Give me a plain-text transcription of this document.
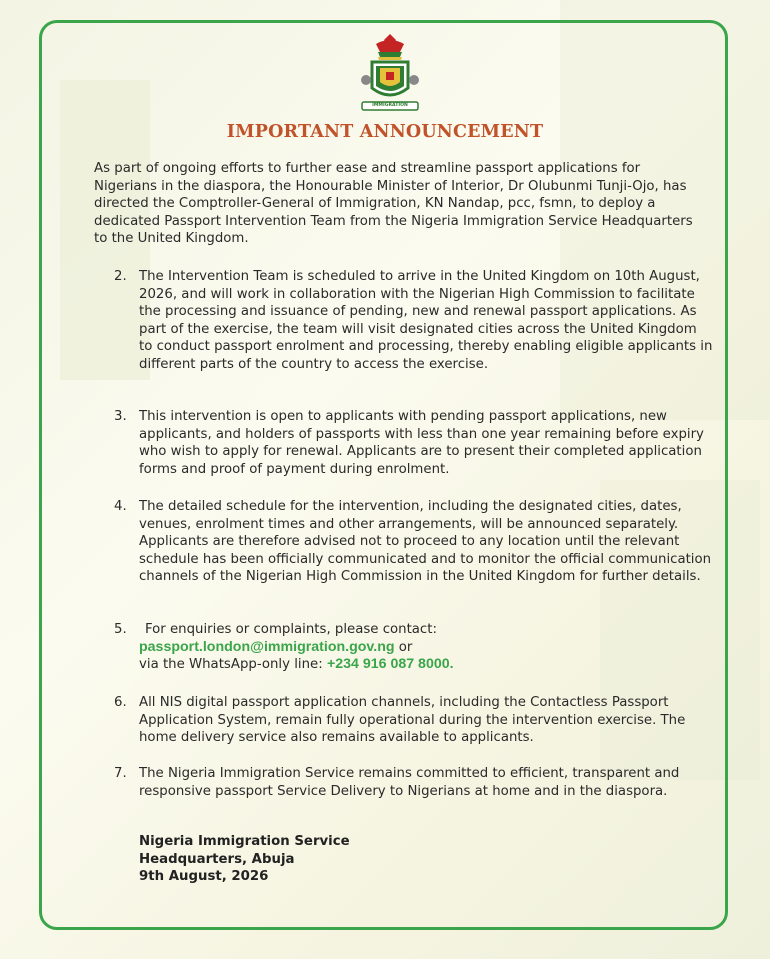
IMMIGRATION
IMPORTANT ANNOUNCEMENT
As part of ongoing efforts to further ease and streamline passport applications for Nigerians in the diaspora, the Honourable Minister of Interior, Dr Olubunmi Tunji-Ojo, has directed the Comptroller-General of Immigration, KN Nandap, pcc, fsmn, to deploy a dedicated Passport Intervention Team from the Nigeria Immigration Service Headquarters to the United Kingdom.
2. The Intervention Team is scheduled to arrive in the United Kingdom on 10th August, 2026, and will work in collaboration with the Nigerian High Commission to facilitate the processing and issuance of pending, new and renewal passport applications. As part of the exercise, the team will visit designated cities across the United Kingdom to conduct passport enrolment and processing, thereby enabling eligible applicants in different parts of the country to access the exercise.
3. This intervention is open to applicants with pending passport applications, new applicants, and holders of passports with less than one year remaining before expiry who wish to apply for renewal. Applicants are to present their completed application forms and proof of payment during enrolment.
4. The detailed schedule for the intervention, including the designated cities, dates, venues, enrolment times and other arrangements, will be announced separately. Applicants are therefore advised not to proceed to any location until the relevant schedule has been officially communicated and to monitor the official communication channels of the Nigerian High Commission in the United Kingdom for further details.
5. For enquiries or complaints, please contact:
passport.london@immigration.gov.ng or
via the WhatsApp-only line: +234 916 087 8000.
6. All NIS digital passport application channels, including the Contactless Passport Application System, remain fully operational during the intervention exercise. The home delivery service also remains available to applicants.
7. The Nigeria Immigration Service remains committed to efficient, transparent and responsive passport Service Delivery to Nigerians at home and in the diaspora.
Nigeria Immigration Service
Headquarters, Abuja
9th August, 2026
